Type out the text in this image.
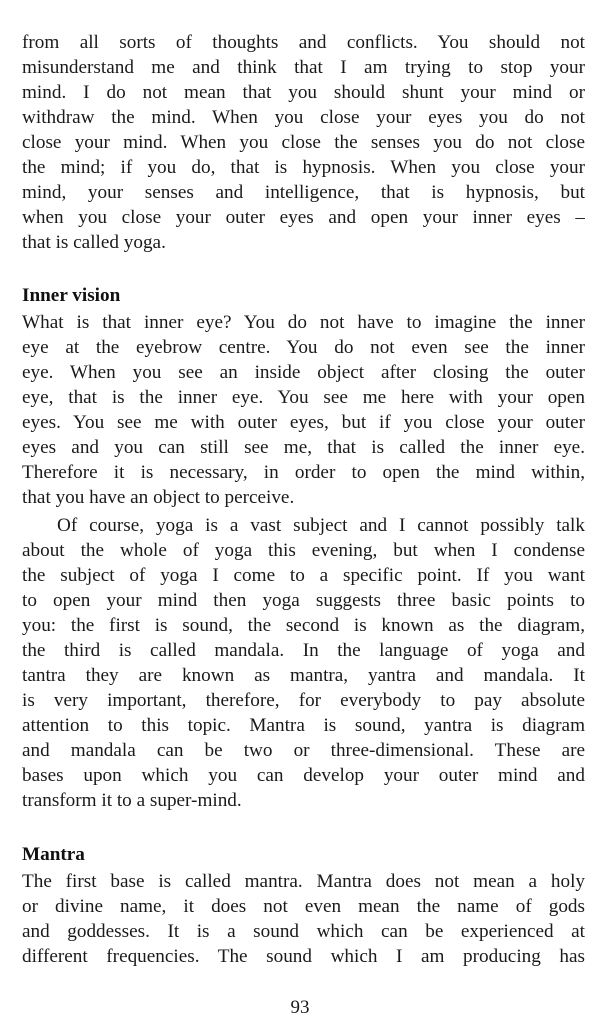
from all sorts of thoughts and conflicts. You should not
misunderstand me and think that I am trying to stop your
mind. I do not mean that you should shunt your mind or
withdraw the mind. When you close your eyes you do not
close your mind. When you close the senses you do not close
the mind; if you do, that is hypnosis. When you close your
mind, your senses and intelligence, that is hypnosis, but
when you close your outer eyes and open your inner eyes –
that is called yoga.
Inner vision
What is that inner eye? You do not have to imagine the inner
eye at the eyebrow centre. You do not even see the inner
eye. When you see an inside object after closing the outer
eye, that is the inner eye. You see me here with your open
eyes. You see me with outer eyes, but if you close your outer
eyes and you can still see me, that is called the inner eye.
Therefore it is necessary, in order to open the mind within,
that you have an object to perceive.
Of course, yoga is a vast subject and I cannot possibly talk
about the whole of yoga this evening, but when I condense
the subject of yoga I come to a specific point. If you want
to open your mind then yoga suggests three basic points to
you: the first is sound, the second is known as the diagram,
the third is called mandala. In the language of yoga and
tantra they are known as mantra, yantra and mandala. It
is very important, therefore, for everybody to pay absolute
attention to this topic. Mantra is sound, yantra is diagram
and mandala can be two or three-dimensional. These are
bases upon which you can develop your outer mind and
transform it to a super-mind.
Mantra
The first base is called mantra. Mantra does not mean a holy
or divine name, it does not even mean the name of gods
and goddesses. It is a sound which can be experienced at
different frequencies. The sound which I am producing has
93
